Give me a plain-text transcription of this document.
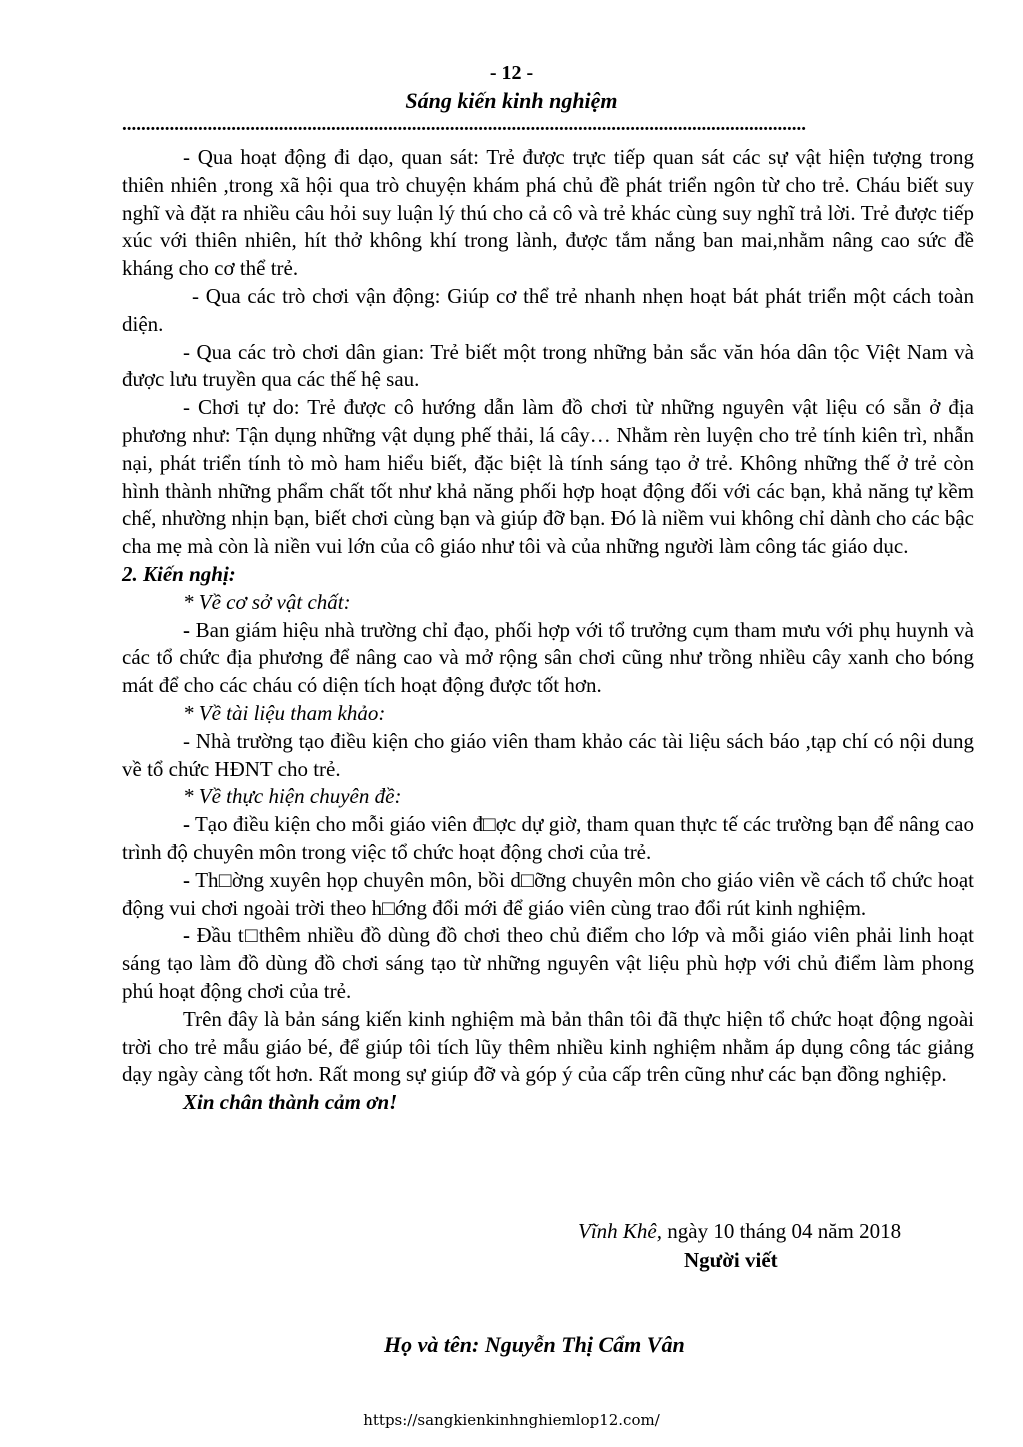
- 12 -
Sáng kiến kinh nghiệm
................................................................................................................................................

- Qua hoạt động đi dạo, quan sát: Trẻ được trực tiếp quan sát các sự vật hiện tượng trong thiên nhiên ,trong xã hội qua trò chuyện khám phá chủ đề phát triển ngôn từ cho trẻ. Cháu biết suy nghĩ và đặt ra nhiều câu hỏi suy luận lý thú cho cả cô và trẻ khác cùng suy nghĩ trả lời. Trẻ được tiếp xúc với thiên nhiên, hít thở không khí trong lành, được tắm nắng ban mai,nhằm nâng cao sức đề kháng cho cơ thể trẻ.

- Qua các trò chơi vận động: Giúp cơ thể trẻ nhanh nhẹn hoạt bát phát triển một cách toàn diện.

- Qua các trò chơi dân gian: Trẻ biết một trong những bản sắc văn hóa dân tộc Việt Nam và được lưu truyền qua các thế hệ sau.

- Chơi tự do: Trẻ được cô hướng dẫn làm đồ chơi từ những nguyên vật liệu có sẵn ở địa phương như: Tận dụng những vật dụng phế thải, lá cây… Nhằm rèn luyện cho trẻ tính kiên trì, nhẫn nại, phát triển tính tò mò ham hiểu biết, đặc biệt là tính sáng tạo ở trẻ. Không những thế ở trẻ còn hình thành những phẩm chất tốt như khả năng phối hợp hoạt động đối với các bạn, khả năng tự kềm chế, nhường nhịn bạn, biết chơi cùng bạn và giúp đỡ bạn. Đó là niềm vui không chỉ dành cho các bậc cha mẹ mà còn là niền vui lớn của cô giáo như tôi và của những người làm công tác giáo dục.

2. Kiến nghị:

* Về cơ sở vật chất:

- Ban giám hiệu nhà trường chỉ đạo, phối hợp với tổ trưởng cụm tham mưu với phụ huynh và các tổ chức địa phương để nâng cao và mở rộng sân chơi cũng như trồng nhiều cây xanh cho bóng mát để cho các cháu có diện tích hoạt động được tốt hơn.

* Về tài liệu tham khảo:

- Nhà trường tạo điều kiện cho giáo viên tham khảo các tài liệu sách báo ,tạp chí có nội dung về tổ chức HĐNT cho trẻ.

* Về thực hiện chuyên đề:

- Tạo điều kiện cho mỗi giáo viên đ□ợc dự giờ, tham quan thực tế các trường bạn để nâng cao trình độ chuyên môn trong việc tổ chức hoạt động chơi của trẻ.

- Th□ờng xuyên họp chuyên môn, bồi d□ỡng chuyên môn cho giáo viên về cách tổ chức hoạt động vui chơi ngoài trời theo h□ớng đổi mới để giáo viên cùng trao đổi rút kinh nghiệm.

- Đầu t□thêm nhiều đồ dùng đồ chơi theo chủ điểm cho lớp và mỗi giáo viên phải linh hoạt sáng tạo làm đồ dùng đồ chơi sáng tạo từ những nguyên vật liệu phù hợp với chủ điểm làm phong phú hoạt động chơi của trẻ.

Trên đây là bản sáng kiến kinh nghiệm mà bản thân tôi đã thực hiện tổ chức hoạt động ngoài trời cho trẻ mẫu giáo bé, để giúp tôi tích lũy thêm nhiều kinh nghiệm nhằm áp dụng công tác giảng dạy ngày càng tốt hơn. Rất mong sự giúp đỡ và góp ý của cấp trên cũng như các bạn đồng nghiệp.

Xin chân thành cảm ơn!

Vĩnh Khê, ngày 10 tháng 04 năm 2018
Người viết
Họ và tên: Nguyễn Thị Cẩm Vân
https://sangkienkinhnghiemlop12.com/
